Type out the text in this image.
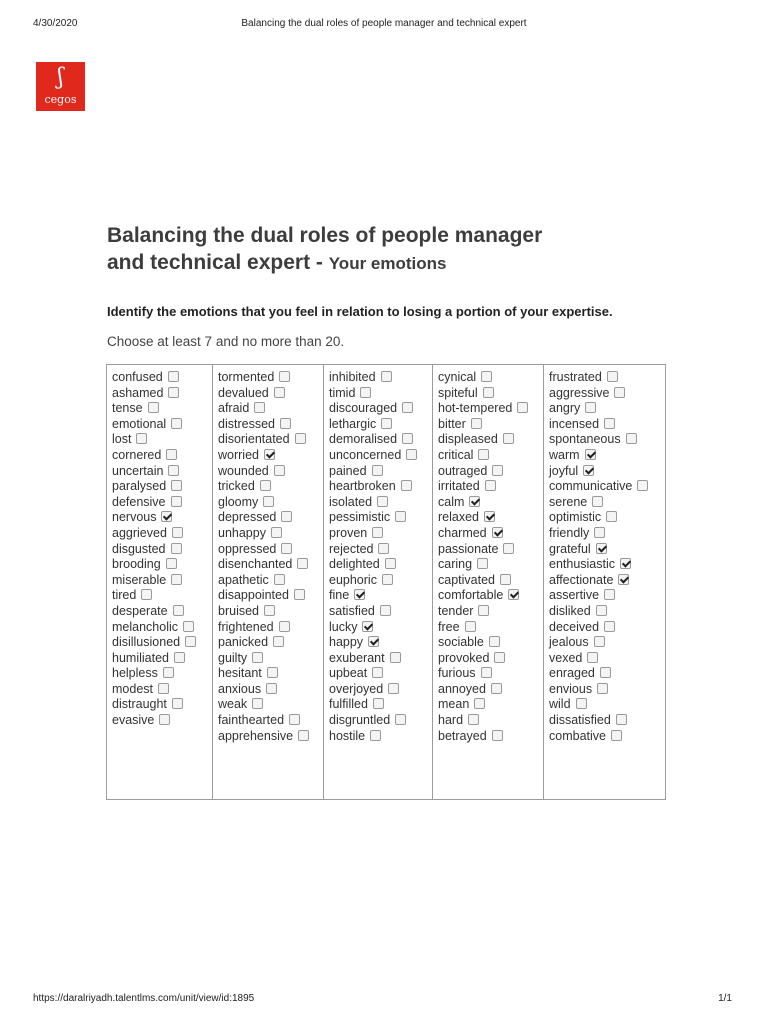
4/30/2020	Balancing the dual roles of people manager and technical expert
ʃ
cegos
Balancing the dual roles of people manager
and technical expert - Your emotions
Identify the emotions that you feel in relation to losing a portion of your expertise.
Choose at least 7 and no more than 20.
confused
ashamed
tense
emotional
lost
cornered
uncertain
paralysed
defensive
nervous
aggrieved
disgusted
brooding
miserable
tired
desperate
melancholic
disillusioned
humiliated
helpless
modest
distraught
evasive
tormented
devalued
afraid
distressed
disorientated
worried
wounded
tricked
gloomy
depressed
unhappy
oppressed
disenchanted
apathetic
disappointed
bruised
frightened
panicked
guilty
hesitant
anxious
weak
fainthearted
apprehensive
inhibited
timid
discouraged
lethargic
demoralised
unconcerned
pained
heartbroken
isolated
pessimistic
proven
rejected
delighted
euphoric
fine
satisfied
lucky
happy
exuberant
upbeat
overjoyed
fulfilled
disgruntled
hostile
cynical
spiteful
hot-tempered
bitter
displeased
critical
outraged
irritated
calm
relaxed
charmed
passionate
caring
captivated
comfortable
tender
free
sociable
provoked
furious
annoyed
mean
hard
betrayed
frustrated
aggressive
angry
incensed
spontaneous
warm
joyful
communicative
serene
optimistic
friendly
grateful
enthusiastic
affectionate
assertive
disliked
deceived
jealous
vexed
enraged
envious
wild
dissatisfied
combative
https://daralriyadh.talentlms.com/unit/view/id:1895	1/1
